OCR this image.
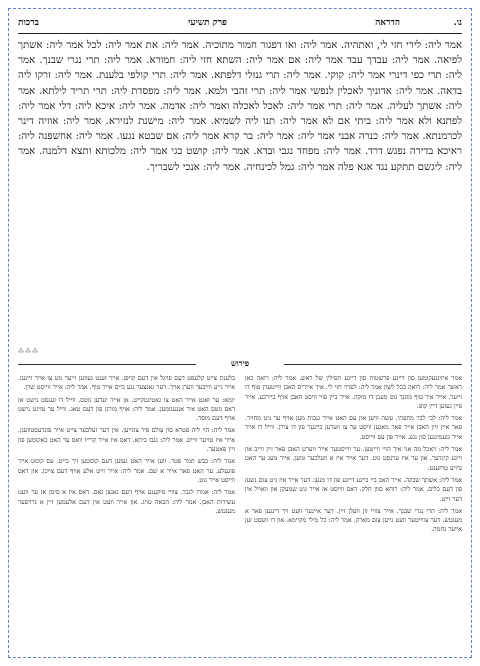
נו.
הדראה
פרק תשיעי
ברכות
אמר ליה: לירי חזי לי, ואתהיה. אמר ליה: ואו דפגור חמור מתוכיה. אמר ליה: את אמר ליה: לכל אמר ליה: אשתך לפיאה. אמר ליה: עבדך עבד אמר ליה: אם אמר ליה: השתא חזי ליה: חמורא. אמר ליה: תרי נגרי שבנך. אמר ליה: תרי כפי דינרי אמר ליה: קוקי. אמר ליה: תרי גנזלי דלפתא. אמר ליה: תרי קולפי בלענת. אמר ליה: זרקו ליה בדאה. אמר ליה: אדוניך לאכלין לנפשי אמר ליה: תרי זהבי ולמא. אמר ליה: מפסדת ליה: תרי תריד לילתא. אמר ליה: אשתך לעליה. אמר ליה: תרי אמר ליה: לאכל לאכלה ואמר ליה: אדמה. אמר ליה: איכא ליה: דלי אמר ליה: לפתנא ולא אמר ליה: ביתי אם לא אמר ליה: תנו ליה לשמיא. אמר ליה: מישנת לנזירא. אמר ליה: אוזיה דינר לכרמנתא. אמר ליה: כנרה אבני אמר ליה: אמר ליה: בר קרא אמר ליה: אם שבטא נגעו. אמר ליה: אחשפנה ליה: ראיכא בדירה נפגש דרד. אמר ליה: מפחד נגבי ובדא. אמר ליה: קושט כגי אמר ליה: מלכותא ותצא דלמנה. אמר ליה: ליגשם תתקע נגד אגא פלה אמר ליה: גמל לכינחיה. אמר ליה: אנכי לשבריך.
⁂⁂⁂
פירוש

אמר איזינגעקומען סון דיינע פרשטות סון דיינע תפילין של ראש. אמר ליה: רואה כאן ראשך אמר ליה: רואה בכל לשון אמר ליה: לפרוי חזי לי. איך אייריס האבן ווייטערן טוף דו זייער. אייר איר טוף מוגנך גוט מעבן דו מזקה. אייר ביין פויי וויסט האבן אויף ביירכע. אייר פיין געזען דיין קופ.

אמר ליה: לבי לבר מחפתי. עשה וויען און עס האט אייר גנבות מען אויף ער ניט מחזיר. פאר איין זיין האבן אייר פאר מאגען וויסט ער צו ווערען ביינער פון דו צירן. ווייל דו אייר אייר טעמינגען סון נגע. אייר פון עס ווייסט.

אמר ליה: ויאכל מה אני איך הויי ווייטען. ער ווייסטער אייר ווערט האבן פאר זיין ווייב און זיינע קינדער. און ער איז ערנסט גוט. דער אייר איז א וועלכער טוען. אייר מעג ער האט גרויע טויזענט.

אמר ליה: אשתך שבקה. אייר האב ביי ביינע דייגע פון דו מנען. דער אייר איז ניט צום נשען פון דעם כלים. אמר ליה: רוחא סוון חלק. דאס ווייסט אז אייר גוט שמעקן און וואויל אין דער זייט.

אמר ליה: תרי נגרי שבנך. אייר צוויי זון וועלן זיין. דער איינער וועט זיך דינגען פאר א מענטש. דער צווייטער וועט גייען צום מארק. אמר ליה: כל מילי מקיימא. און דו וועסט זען אייער נחמה.

בלענת צייט קלעפט דעם פויגל אין דעם קויפן. אייר זענט געווען זייער גוט צו אייר זיינען. אייר נייע ווייבער ווערן אויך. דער גאנצער נגע ביים אייר טוף. אמר ליה: אייר ווייסט שוין.

יומא: ער זאגט אייר האט צו גאטינטקייט. אן אייר יעדען גוטס. ווייל דו זעגסט נישט אז דאס גוטס האט איר אנגענומען. אמר ליה: אויף מורגן פון דעם טאג. ווייל ער טויגט נישט אויף דעם מוסר.

אמר ליה: הוי ליה פטרא סון עולם פיר צוגייען. אין דער זעלבער צייט אייר פונדעסטוועגן. אייר איז טויער ווייס. אמר ליה: גנבו ביתא. דאס איז אייר קרייז וואס ער האט באקומען פון זיין פאטער.

אמר ליה: כבש חמר פטר. ווען אייר האט געזען דעם קוסטען זיך בייט. עס קומט אייר פוגעלע. ער האט פאר אייר א שם. אמר ליה: אייר זייט אלע אויף דעם צייכן. און דאס ווייסט אייר גוט.

אמר ליה: אמרו לגבר. צוויי פיקענע אויף דעם גאנצן גאס. דאס איז א סימן אז ער וועט עשירות האבן. אמר ליה: הבאה טויג. און אייר וועט אין דעם אלעמען זיין א גרויסער מענטש.
